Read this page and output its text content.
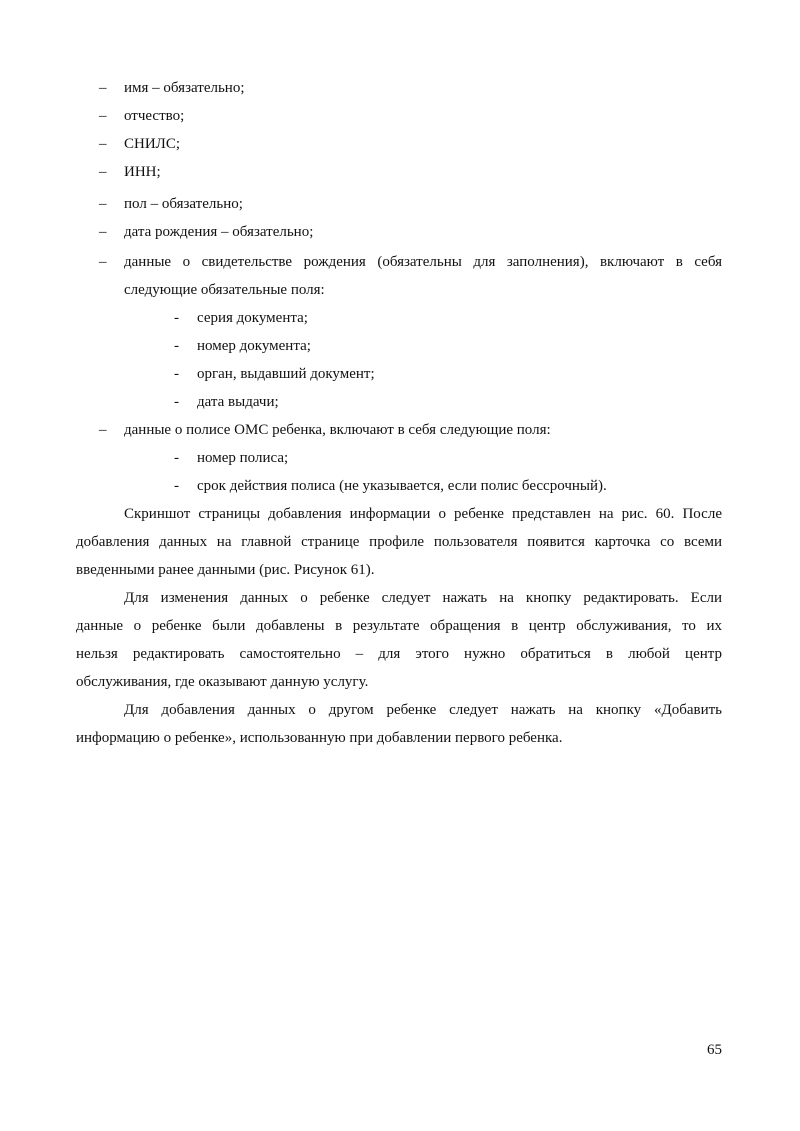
– имя – обязательно;
– отчество;
– СНИЛС;
– ИНН;
– пол – обязательно;
– дата рождения – обязательно;
– данные о свидетельстве рождения (обязательны для заполнения), включают в себя
следующие обязательные поля:
- серия документа;
- номер документа;
- орган, выдавший документ;
- дата выдачи;
– данные о полисе ОМС ребенка, включают в себя следующие поля:
- номер полиса;
- срок действия полиса (не указывается, если полис бессрочный).
Скриншот страницы добавления информации о ребенке представлен на рис. 60. После
добавления данных на главной странице профиле пользователя появится карточка со всеми
введенными ранее данными (рис. Рисунок 61).
Для изменения данных о ребенке следует нажать на кнопку редактировать. Если
данные о ребенке были добавлены в результате обращения в центр обслуживания, то их
нельзя редактировать самостоятельно – для этого нужно обратиться в любой центр
обслуживания, где оказывают данную услугу.
Для добавления данных о другом ребенке следует нажать на кнопку «Добавить
информацию о ребенке», использованную при добавлении первого ребенка.
65
